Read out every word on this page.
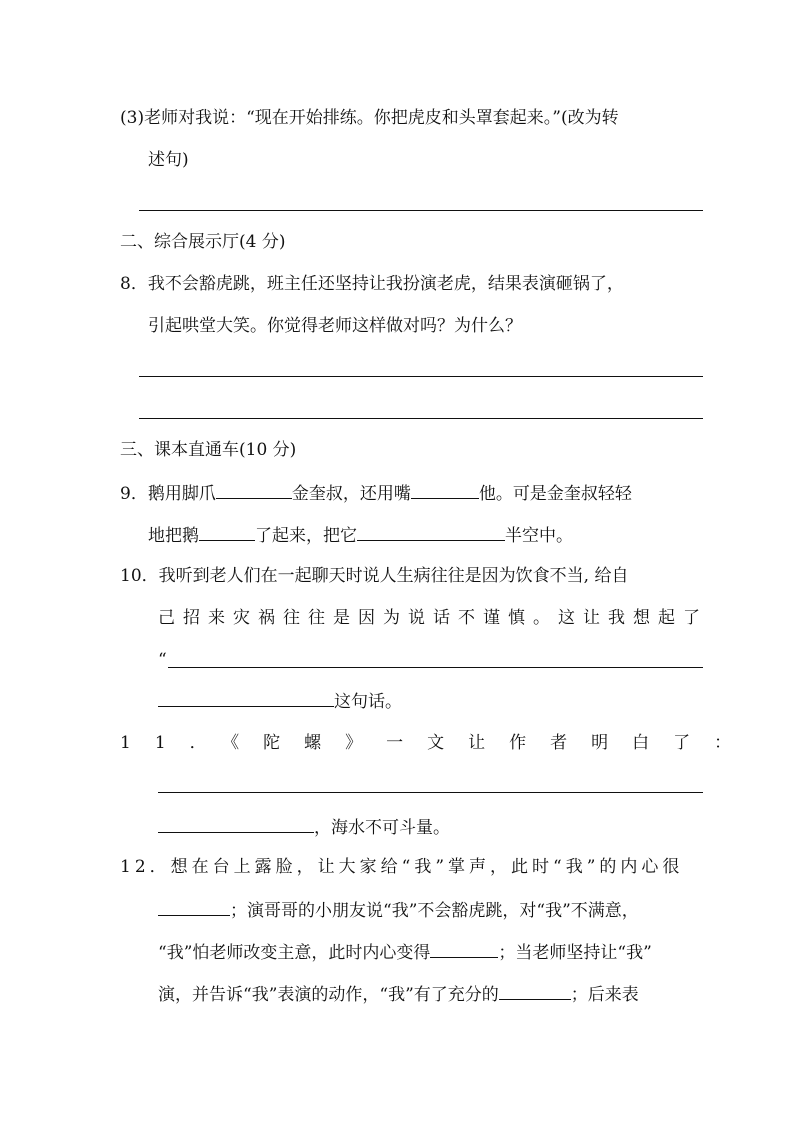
(3)老师对我说：“现在开始排练。你把虎皮和头罩套起来。”(改为转
述句)
二、综合展示厅(4 分)
8．我不会豁虎跳，班主任还坚持让我扮演老虎，结果表演砸锅了，
引起哄堂大笑。你觉得老师这样做对吗？为什么？
三、课本直通车(10 分)
9．鹅用脚爪	金奎叔，还用嘴	他。可是金奎叔轻轻
地把鹅	了起来，把它	半空中。
10．我听到老人们在一起聊天时说人生病往往是因为饮食不当, 给自
己招来灾祸往往是因为说话不谨慎。这让我想起了
“
这句话。
11．《陀螺》一文让作者明白了：
，海水不可斗量。
12．想在台上露脸，让大家给“我”掌声，此时“我”的内心很
；演哥哥的小朋友说“我”不会豁虎跳，对“我”不满意，
“我”怕老师改变主意，此时内心变得	；当老师坚持让“我”
演，并告诉“我”表演的动作，“我”有了充分的	；后来表
